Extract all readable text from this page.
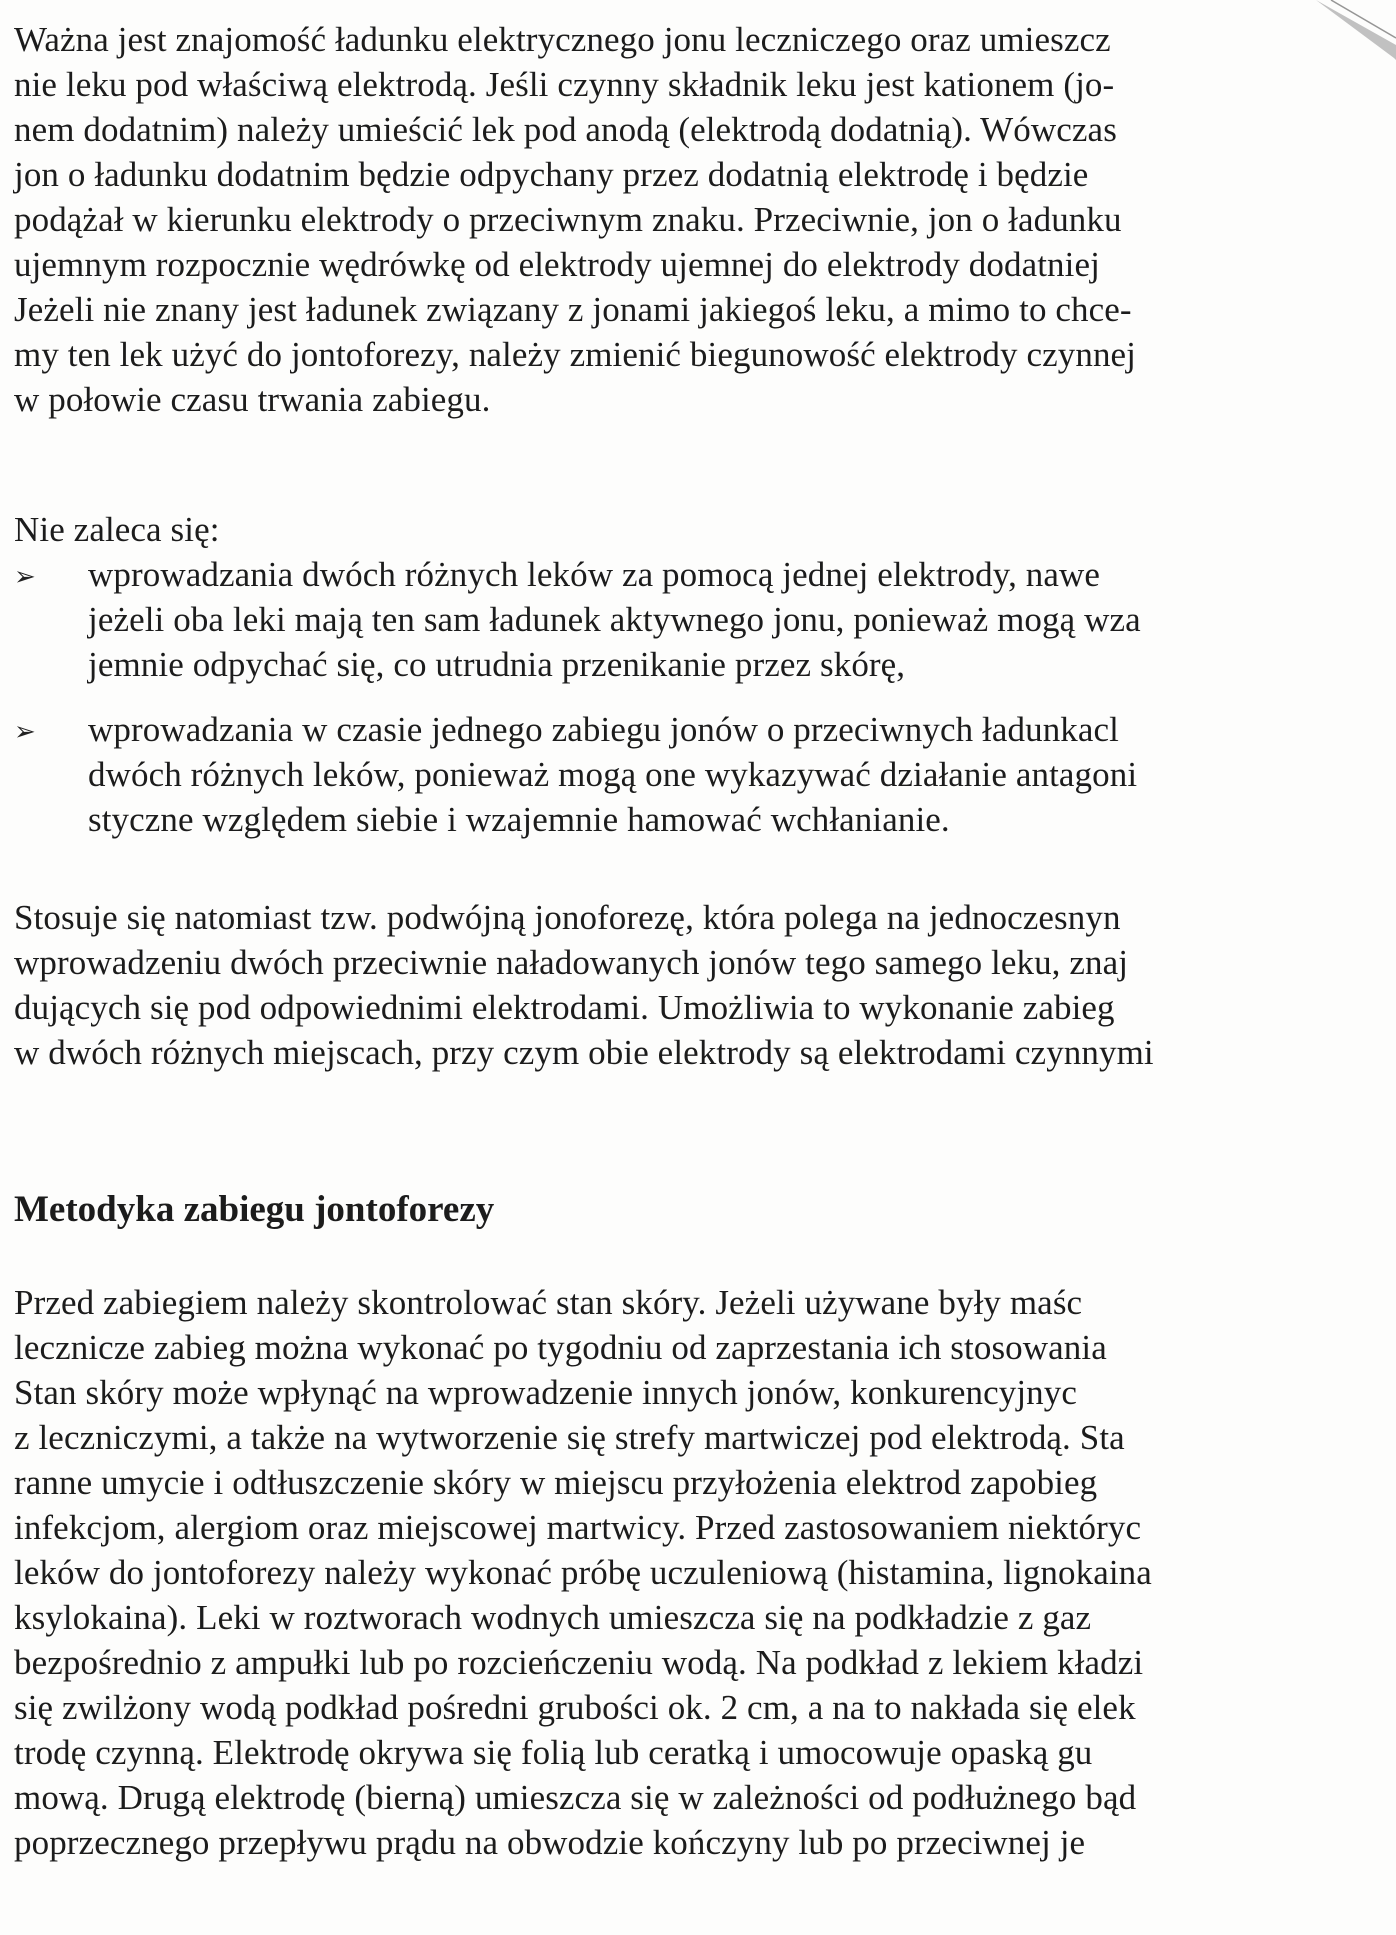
Ważna jest znajomość ładunku elektrycznego jonu leczniczego oraz umieszcz
nie leku pod właściwą elektrodą. Jeśli czynny składnik leku jest kationem (jo-
nem dodatnim) należy umieścić lek pod anodą (elektrodą dodatnią). Wówczas
jon o ładunku dodatnim będzie odpychany przez dodatnią elektrodę i będzie
podążał w kierunku elektrody o przeciwnym znaku. Przeciwnie, jon o ładunku
ujemnym rozpocznie wędrówkę od elektrody ujemnej do elektrody dodatniej
Jeżeli nie znany jest ładunek związany z jonami jakiegoś leku, a mimo to chce-
my ten lek użyć do jontoforezy, należy zmienić biegunowość elektrody czynnej
w połowie czasu trwania zabiegu.
Nie zaleca się:
➢ wprowadzania dwóch różnych leków za pomocą jednej elektrody, nawe
jeżeli oba leki mają ten sam ładunek aktywnego jonu, ponieważ mogą wza
jemnie odpychać się, co utrudnia przenikanie przez skórę,
➢ wprowadzania w czasie jednego zabiegu jonów o przeciwnych ładunkacl
dwóch różnych leków, ponieważ mogą one wykazywać działanie antagoni
styczne względem siebie i wzajemnie hamować wchłanianie.
Stosuje się natomiast tzw. podwójną jonoforezę, która polega na jednoczesnyn
wprowadzeniu dwóch przeciwnie naładowanych jonów tego samego leku, znaj
dujących się pod odpowiednimi elektrodami. Umożliwia to wykonanie zabieg
w dwóch różnych miejscach, przy czym obie elektrody są elektrodami czynnymi
Metodyka zabiegu jontoforezy
Przed zabiegiem należy skontrolować stan skóry. Jeżeli używane były maśc
lecznicze zabieg można wykonać po tygodniu od zaprzestania ich stosowania
Stan skóry może wpłynąć na wprowadzenie innych jonów, konkurencyjnyc
z leczniczymi, a także na wytworzenie się strefy martwiczej pod elektrodą. Sta
ranne umycie i odtłuszczenie skóry w miejscu przyłożenia elektrod zapobieg
infekcjom, alergiom oraz miejscowej martwicy. Przed zastosowaniem niektóryc
leków do jontoforezy należy wykonać próbę uczuleniową (histamina, lignokaina
ksylokaina). Leki w roztworach wodnych umieszcza się na podkładzie z gaz
bezpośrednio z ampułki lub po rozcieńczeniu wodą. Na podkład z lekiem kładzi
się zwilżony wodą podkład pośredni grubości ok. 2 cm, a na to nakłada się elek
trodę czynną. Elektrodę okrywa się folią lub ceratką i umocowuje opaską gu
mową. Drugą elektrodę (bierną) umieszcza się w zależności od podłużnego bąd
poprzecznego przepływu prądu na obwodzie kończyny lub po przeciwnej je
